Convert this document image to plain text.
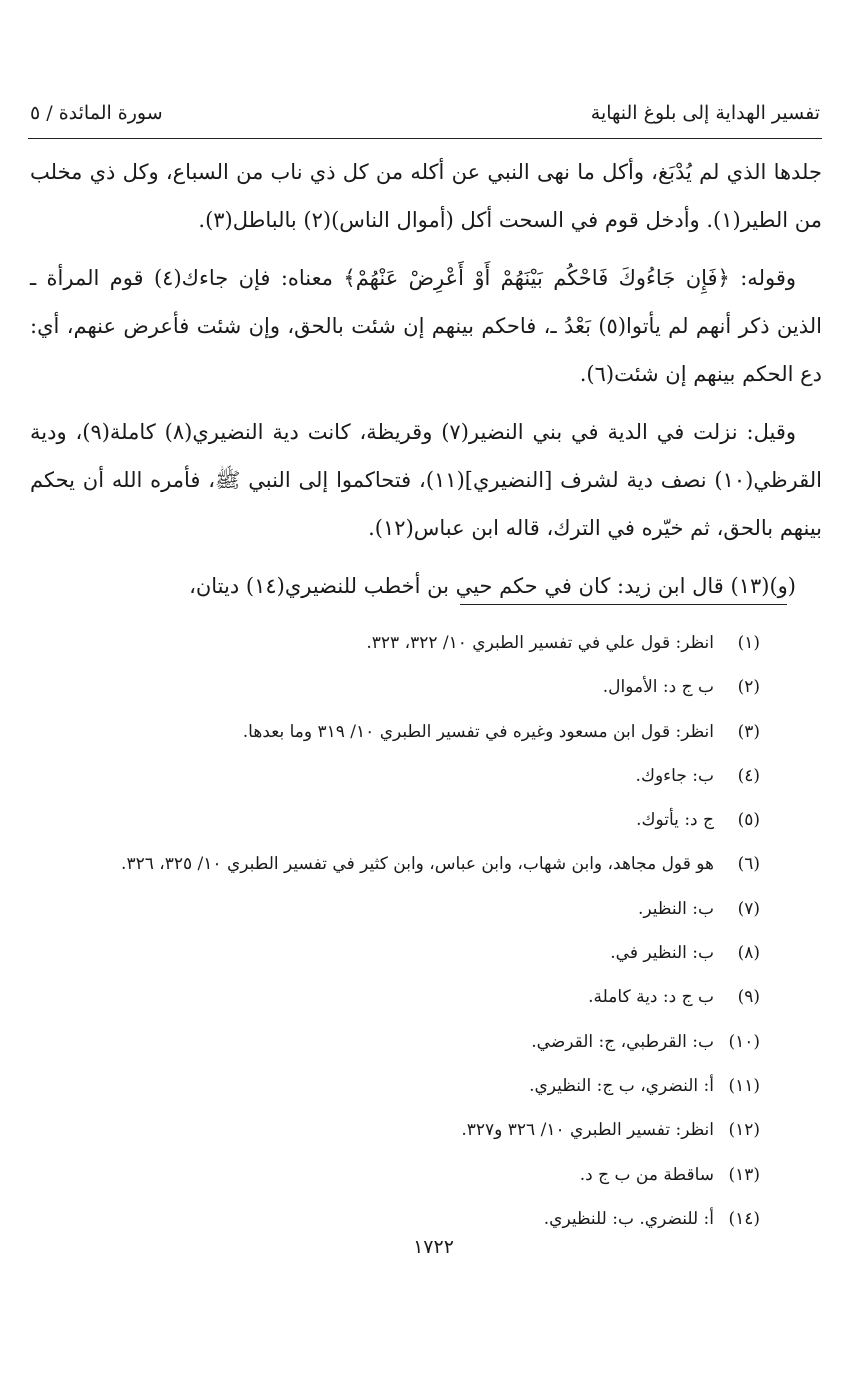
تفسير الهداية إلى بلوغ النهاية
سورة المائدة / ٥

جلدها الذي لم يُدْبَغ، وأكل ما نهى النبي عن أكله من كل ذي ناب من السباع، وكل ذي مخلب من الطير(١). وأدخل قوم في السحت أكل (أموال الناس)(٢) بالباطل(٣).

وقوله: ﴿فَإِن جَاءُوكَ فَاحْكُم بَيْنَهُمْ أَوْ أَعْرِضْ عَنْهُمْ﴾ معناه: فإن جاءك(٤) قوم المرأة ـ الذين ذكر أنهم لم يأتوا(٥) بَعْدُ ـ، فاحكم بينهم إن شئت بالحق، وإن شئت فأعرض عنهم، أي: دع الحكم بينهم إن شئت(٦).

وقيل: نزلت في الدية في بني النضير(٧) وقريظة، كانت دية النضيري(٨) كاملة(٩)، ودية القرظي(١٠) نصف دية لشرف [النضيري](١١)، فتحاكموا إلى النبي ﷺ، فأمره الله أن يحكم بينهم بالحق، ثم خيّره في الترك، قاله ابن عباس(١٢).

(و)(١٣) قال ابن زيد: كان في حكم حيي بن أخطب للنضيري(١٤) ديتان،

(١)انظر: قول علي في تفسير الطبري ١٠/ ٣٢٢، ٣٢٣.
(٢)ب ج د: الأموال.
(٣)انظر: قول ابن مسعود وغيره في تفسير الطبري ١٠/ ٣١٩ وما بعدها.
(٤)ب: جاءوك.
(٥)ج د: يأتوك.
(٦)هو قول مجاهد، وابن شهاب، وابن عباس، وابن كثير في تفسير الطبري ١٠/ ٣٢٥، ٣٢٦.
(٧)ب: النظير.
(٨)ب: النظير في.
(٩)ب ج د: دية كاملة.
(١٠)ب: القرطبي، ج: القرضي.
(١١)أ: النضري، ب ج: النظيري.
(١٢)انظر: تفسير الطبري ١٠/ ٣٢٦ و٣٢٧.
(١٣)ساقطة من ب ج د.
(١٤)أ: للنضري. ب: للنظيري.
١٧٢٢
